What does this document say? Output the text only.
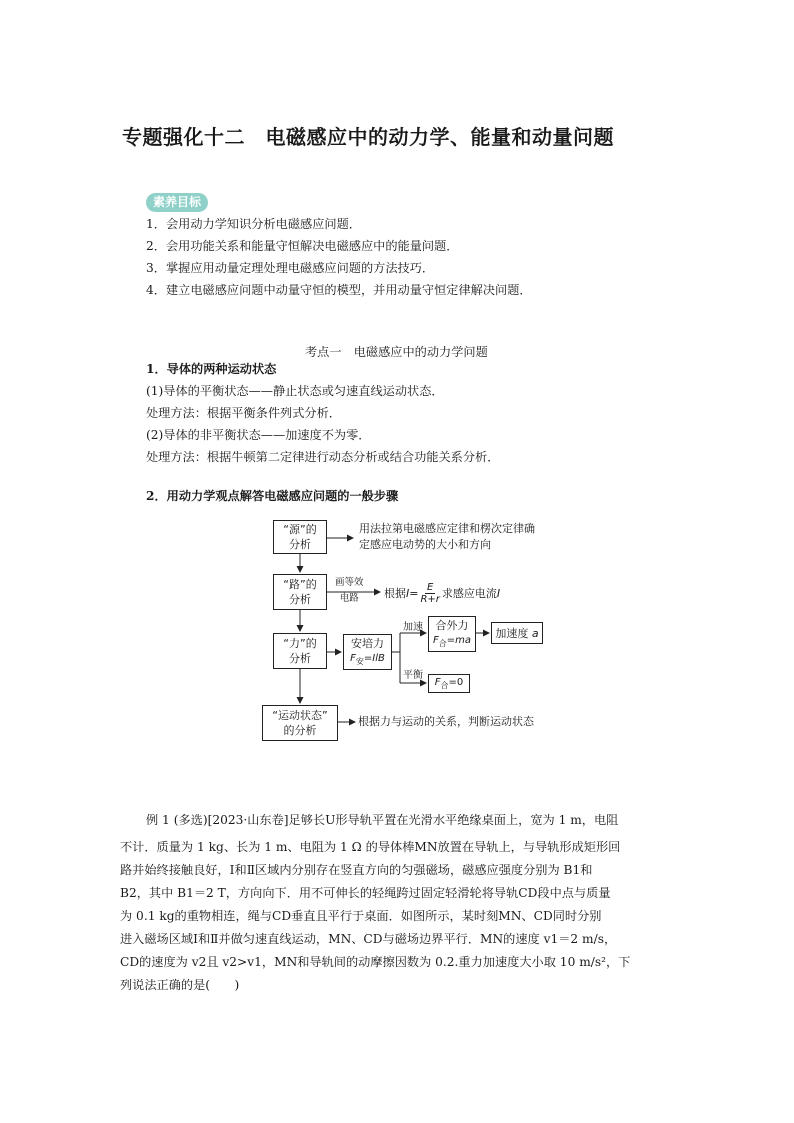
专题强化十二　电磁感应中的动力学、能量和动量问题
素养目标
1．会用动力学知识分析电磁感应问题．
2．会用功能关系和能量守恒解决电磁感应中的能量问题．
3．掌握应用动量定理处理电磁感应问题的方法技巧．
4．建立电磁感应问题中动量守恒的模型，并用动量守恒定律解决问题．
考点一　电磁感应中的动力学问题
1．导体的两种运动状态
(1)导体的平衡状态——静止状态或匀速直线运动状态．
处理方法：根据平衡条件列式分析．
(2)导体的非平衡状态——加速度不为零．
处理方法：根据牛顿第二定律进行动态分析或结合功能关系分析．
2．用动力学观点解答电磁感应问题的一般步骤
“源”的
分析
用法拉第电磁感应定律和楞次定律确
定感应电动势的大小和方向
“路”的
分析
画等效
电路	根据 $I = \frac{E}{R+r}$ 求感应电流 I
“力”的
分析
安培力
$F_安=IlB$
加速 合外力
$F_合=ma$
加速度 a
平衡
$F_合=0$
“运动状态”
的分析
根据力与运动的关系，判断运动状态
例 1 (多选)[2023·山东卷]足够长U形导轨平置在光滑水平绝缘桌面上，宽为 1 m，电阻
不计．质量为 1 kg、长为 1 m、电阻为 1 Ω 的导体棒MN放置在导轨上，与导轨形成矩形回
路并始终接触良好，Ⅰ和Ⅱ区域内分别存在竖直方向的匀强磁场，磁感应强度分别为 B1和
B2，其中 B1＝2 T，方向向下．用不可伸长的轻绳跨过固定轻滑轮将导轨CD段中点与质量
为 0.1 kg的重物相连，绳与CD垂直且平行于桌面．如图所示，某时刻MN、CD同时分别
进入磁场区域Ⅰ和Ⅱ并做匀速直线运动，MN、CD与磁场边界平行．MN的速度 v1＝2 m/s，
CD的速度为 v2且 v2>v1，MN和导轨间的动摩擦因数为 0.2.重力加速度大小取 10 m/s²，下
列说法正确的是(　　)
